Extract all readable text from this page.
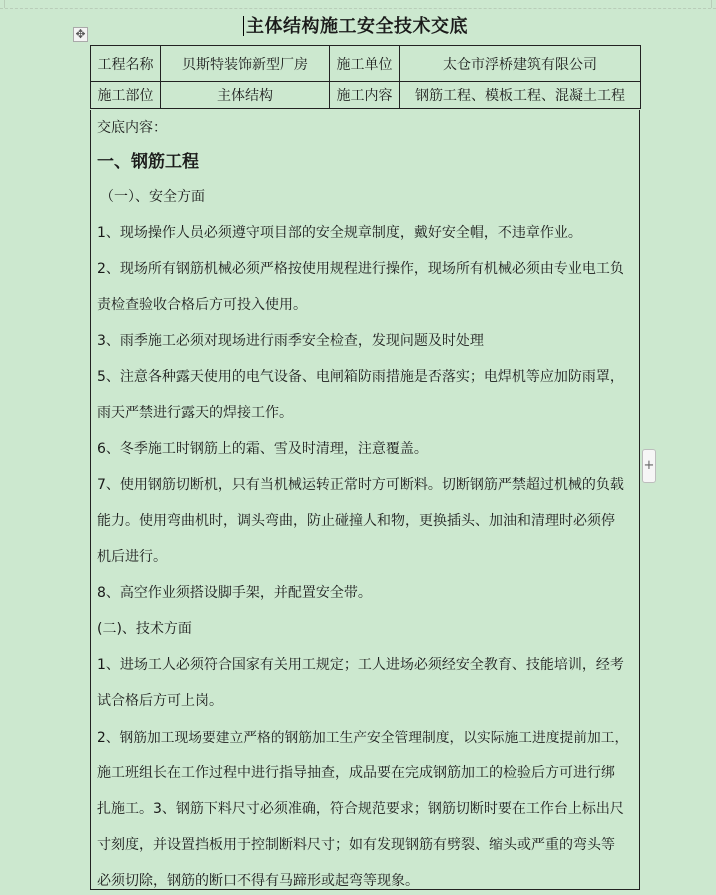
主体结构施工安全技术交底
✥
工程名称	贝斯特装饰新型厂房	施工单位	太仓市浮桥建筑有限公司
施工部位	主体结构	施工内容	钢筋工程、模板工程、混凝土工程
交底内容：
一、钢筋工程
（一）、安全方面
1、现场操作人员必须遵守项目部的安全规章制度，戴好安全帽，不违章作业。
2、现场所有钢筋机械必须严格按使用规程进行操作，现场所有机械必须由专业电工负
责检查验收合格后方可投入使用。
3、雨季施工必须对现场进行雨季安全检查，发现问题及时处理
5、注意各种露天使用的电气设备、电闸箱防雨措施是否落实；电焊机等应加防雨罩，
雨天严禁进行露天的焊接工作。
6、冬季施工时钢筋上的霜、雪及时清理，注意覆盖。
7、使用钢筋切断机，只有当机械运转正常时方可断料。切断钢筋严禁超过机械的负载
能力。使用弯曲机时，调头弯曲，防止碰撞人和物，更换插头、加油和清理时必须停
机后进行。
8、高空作业须搭设脚手架，并配置安全带。
(二)、技术方面
1、进场工人必须符合国家有关用工规定；工人进场必须经安全教育、技能培训，经考
试合格后方可上岗。
2、钢筋加工现场要建立严格的钢筋加工生产安全管理制度，以实际施工进度提前加工，
施工班组长在工作过程中进行指导抽查，成品要在完成钢筋加工的检验后方可进行绑
扎施工。3、钢筋下料尺寸必须准确，符合规范要求；钢筋切断时要在工作台上标出尺
寸刻度，并设置挡板用于控制断料尺寸；如有发现钢筋有劈裂、缩头或严重的弯头等
必须切除，钢筋的断口不得有马蹄形或起弯等现象。
+
